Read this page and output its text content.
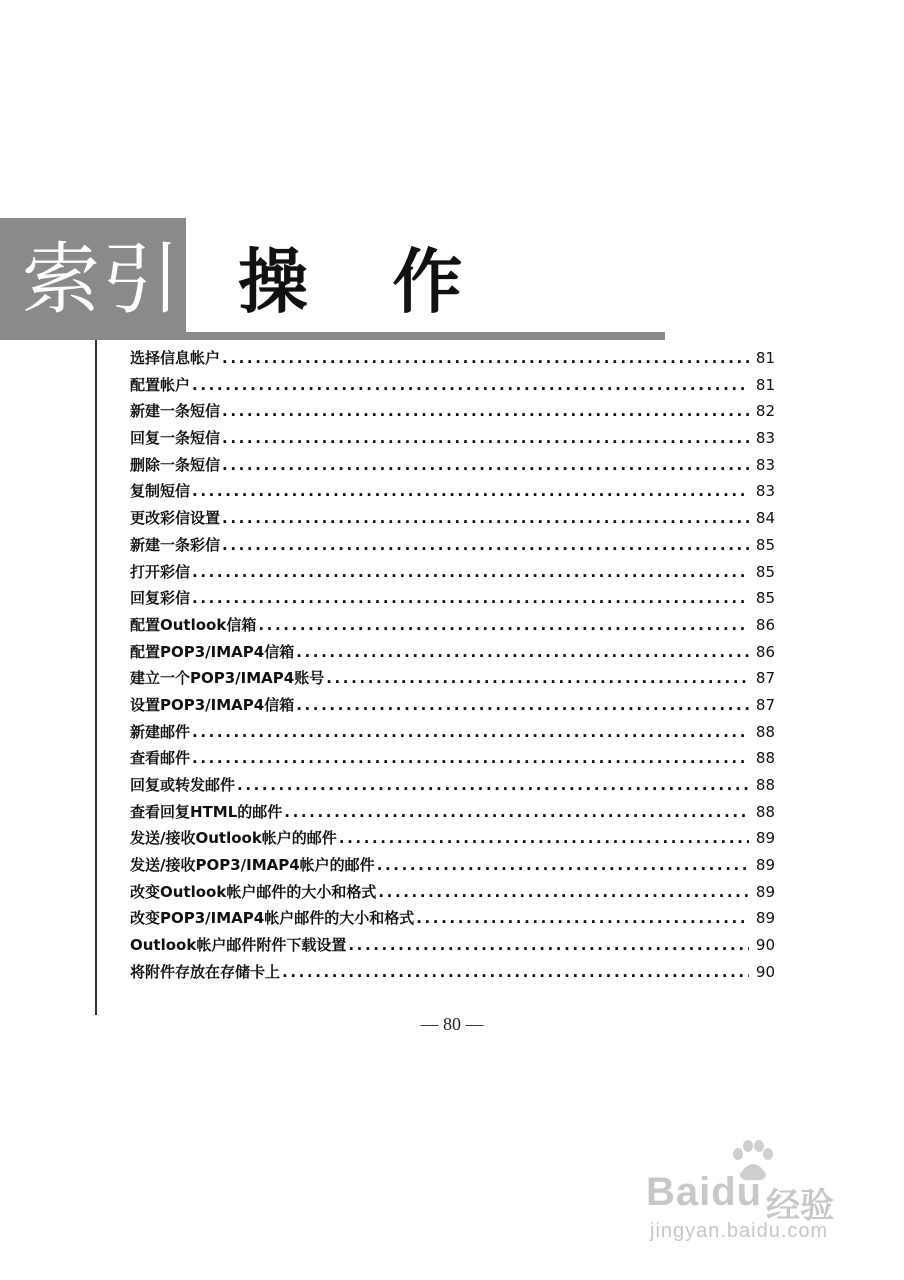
索引 操 作
选择信息帐户 .....	81
配置帐户 .....	81
新建一条短信 .....	82
回复一条短信 .....	83
删除一条短信 .....	83
复制短信 .....	83
更改彩信设置 .....	84
新建一条彩信 .....	85
打开彩信 .....	85
回复彩信 .....	85
配置Outlook信箱 .....	86
配置POP3/IMAP4信箱 .....	86
建立一个POP3/IMAP4账号 .....	87
设置POP3/IMAP4信箱 .....	87
新建邮件 .....	88
查看邮件 .....	88
回复或转发邮件 .....	88
查看回复HTML的邮件 .....	88
发送/接收Outlook帐户的邮件 .....	89
发送/接收POP3/IMAP4帐户的邮件 .....	89
改变Outlook帐户邮件的大小和格式 .....	89
改变POP3/IMAP4帐户邮件的大小和格式 .....	89
Outlook帐户邮件附件下载设置 .....	90
将附件存放在存储卡上 .....	90
— 80 —
Baidu 经验
jingyan.baidu.com
